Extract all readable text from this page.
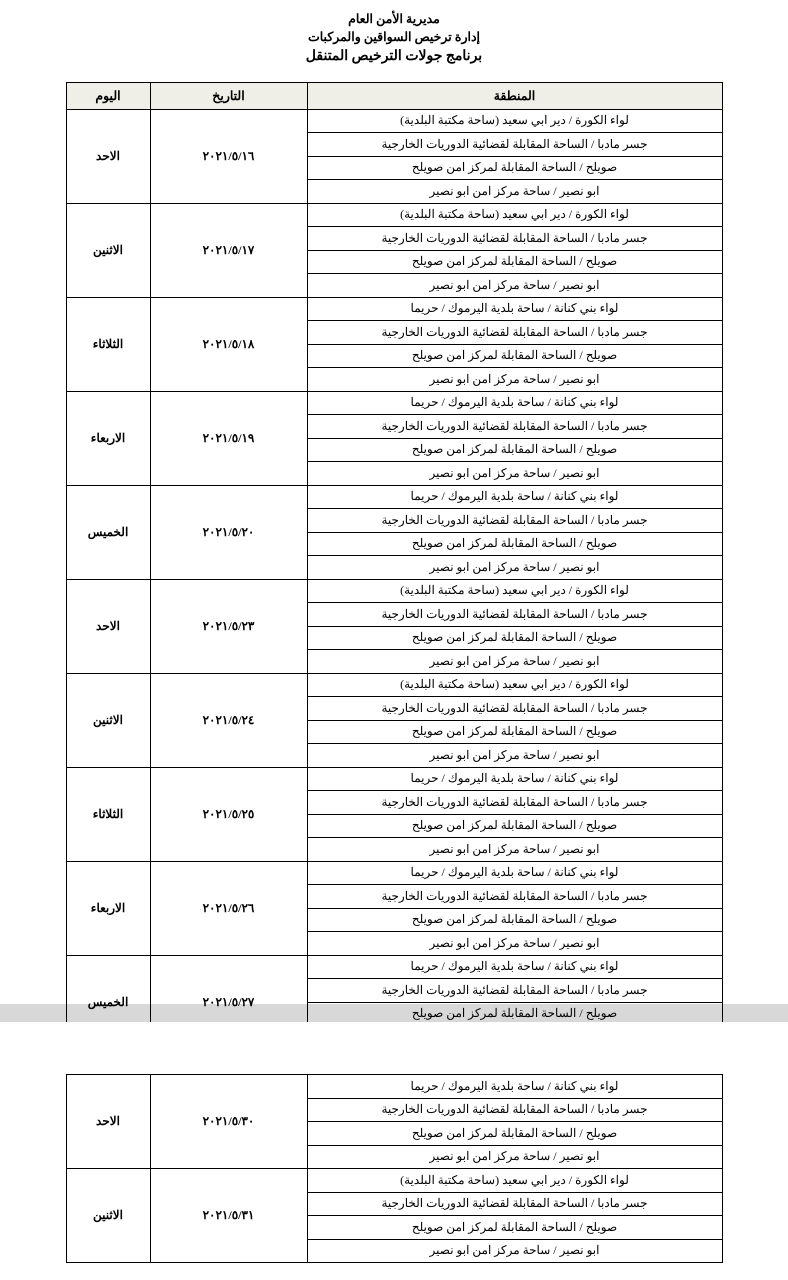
مديرية الأمن العام
إدارة ترخيص السواقين والمركبات
برنامج جولات الترخيص المتنقل
المنطقة	التاريخ	اليوم
لواء الكورة / دير ابي سعيد (ساحة مكتبة البلدية)	٢٠٢١/٥/١٦	الاحد
جسر مادبا / الساحة المقابلة لقضائية الدوريات الخارجية		
صويلح / الساحة المقابلة لمركز امن صويلح		
ابو نصير / ساحة مركز امن ابو نصير		
لواء الكورة / دير ابي سعيد (ساحة مكتبة البلدية)	٢٠٢١/٥/١٧	الاثنين
جسر مادبا / الساحة المقابلة لقضائية الدوريات الخارجية		
صويلح / الساحة المقابلة لمركز امن صويلح		
ابو نصير / ساحة مركز امن ابو نصير		
لواء بني كنانة / ساحة بلدية اليرموك / حريما	٢٠٢١/٥/١٨	الثلاثاء
جسر مادبا / الساحة المقابلة لقضائية الدوريات الخارجية		
صويلح / الساحة المقابلة لمركز امن صويلح		
ابو نصير / ساحة مركز امن ابو نصير		
لواء بني كنانة / ساحة بلدية اليرموك / حريما	٢٠٢١/٥/١٩	الاربعاء
جسر مادبا / الساحة المقابلة لقضائية الدوريات الخارجية		
صويلح / الساحة المقابلة لمركز امن صويلح		
ابو نصير / ساحة مركز امن ابو نصير		
لواء بني كنانة / ساحة بلدية اليرموك / حريما	٢٠٢١/٥/٢٠	الخميس
جسر مادبا / الساحة المقابلة لقضائية الدوريات الخارجية		
صويلح / الساحة المقابلة لمركز امن صويلح		
ابو نصير / ساحة مركز امن ابو نصير		
لواء الكورة / دير ابي سعيد (ساحة مكتبة البلدية)	٢٠٢١/٥/٢٣	الاحد
جسر مادبا / الساحة المقابلة لقضائية الدوريات الخارجية		
صويلح / الساحة المقابلة لمركز امن صويلح		
ابو نصير / ساحة مركز امن ابو نصير		
لواء الكورة / دير ابي سعيد (ساحة مكتبة البلدية)	٢٠٢١/٥/٢٤	الاثنين
جسر مادبا / الساحة المقابلة لقضائية الدوريات الخارجية		
صويلح / الساحة المقابلة لمركز امن صويلح		
ابو نصير / ساحة مركز امن ابو نصير		
لواء بني كنانة / ساحة بلدية اليرموك / حريما	٢٠٢١/٥/٢٥	الثلاثاء
جسر مادبا / الساحة المقابلة لقضائية الدوريات الخارجية		
صويلح / الساحة المقابلة لمركز امن صويلح		
ابو نصير / ساحة مركز امن ابو نصير		
لواء بني كنانة / ساحة بلدية اليرموك / حريما	٢٠٢١/٥/٢٦	الاربعاء
جسر مادبا / الساحة المقابلة لقضائية الدوريات الخارجية		
صويلح / الساحة المقابلة لمركز امن صويلح		
ابو نصير / ساحة مركز امن ابو نصير		
لواء بني كنانة / ساحة بلدية اليرموك / حريما	٢٠٢١/٥/٢٧	الخميس
جسر مادبا / الساحة المقابلة لقضائية الدوريات الخارجية		
صويلح / الساحة المقابلة لمركز امن صويلح		

لواء بني كنانة / ساحة بلدية اليرموك / حريما	٢٠٢١/٥/٣٠	الاحد
جسر مادبا / الساحة المقابلة لقضائية الدوريات الخارجية		
صويلح / الساحة المقابلة لمركز امن صويلح		
ابو نصير / ساحة مركز امن ابو نصير		
لواء الكورة / دير ابي سعيد (ساحة مكتبة البلدية)	٢٠٢١/٥/٣١	الاثنين
جسر مادبا / الساحة المقابلة لقضائية الدوريات الخارجية		
صويلح / الساحة المقابلة لمركز امن صويلح		
ابو نصير / ساحة مركز امن ابو نصير		
